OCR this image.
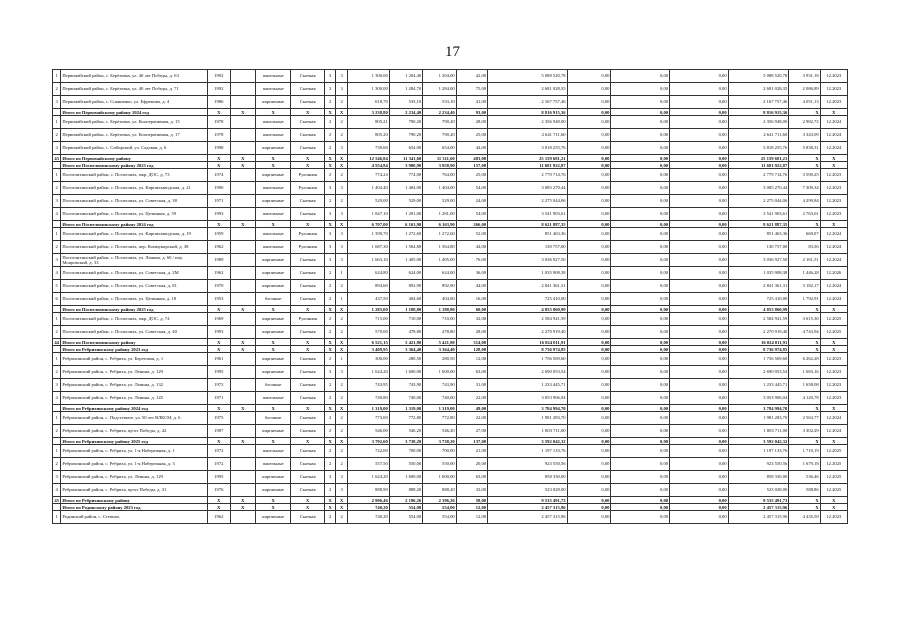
17
1	Первомайский район, с. Берёзовка, ул. 40 лет Победы, д. 63	1992		панельные	Скатная	3	3	1 300,00	1 204,40	1 204,00	42,00	5 088 520,78	0,00	0,00	0,00	5 088 520,78	3 931,18	12.2023
2	Первомайский район, с. Берёзовка, ул. 40 лет Победы, д. 71	1992		панельные	Скатная	3	3	1 300,00	1 284,70	1 284,00	75,00	2 681 028,35	0,00	0,00	0,00	2 681 028,35	2 086,89	12.2023
3	Первомайский район, с. Сокиненко, ул. Ефремова, д. 4	1986		кирпичные	Скатная	2	2	618,70	535,10	533,10	41,00	2 167 757,46	0,00	0,00	0,00	2 167 757,46	4 051,13	12.2023
	Итого по Первомайскому району 2024 год	X	X	X	X	X	X	3 238,80	2 234,40	2 234,40	93,00	8 816 915,36	0,00	0,00	0,00	8 816 915,36	X	X
1	Первомайский район, с. Берёзовка, ул. Кооперативная, д. 15	1978		панельные	Скатная	2	2	805,21	790,20	790,20	28,00	2 356 948,00	0,00	0,00	0,00	2 356 948,00	2 982,72	12.2024
2	Первомайский район, с. Берёзовка, ул. Кооперативная, д. 17	1978		панельные	Скатная	2	2	805,20	790,20	790,20	25,00	2 641 711,60	0,00	0,00	0,00	2 641 711,60	3 343,09	12.2024
3	Первомайский район, с. Сибирский, ул. Садовая, д. 6	1998		кирпичные	Скатная	2	3	739,60	654,00	654,00	44,00	3 818 255,76	0,00	0,00	0,00	3 818 255,76	5 838,31	12.2024
43	Итого по Первомайскому району	X	X	X	X	X	X	12 546,84	11 341,60	11 311,60	483,00	25 159 681,21	0,00	0,00	0,00	25 159 681,21	X	X
	Итого по Поспелихинскому району 2023 год	X	X	X	X	X	X	4 554,84	3 980,90	3 958,90	157,00	11 681 922,87	0,00	0,00	0,00	11 681 922,87	X	X
1	Поспелихинский район, с. Поспелиха, мкр. ДОС, д. 73	1974		кирпичные	Рулонная	2	2	774,24	774,00	764,00	25,00	2 779 714,76	0,00	0,00	0,00	2 779 714,76	3 590,25	12.2023
2	Поспелихинский район, с. Поспелиха, ул. Кирпичзаводская, д. 21	1990		панельные	Рулонная	3	3	1 404,40	1 404,00	1 404,00	54,00	3 085 270,44	0,00	0,00	0,00	3 085 270,44	7 309,34	12.2023
3	Поспелихинский район, с. Поспелиха, ул. Советская, д. 38	1971		кирпичные	Скатная	2	2	529,00	529,00	529,00	24,00	2 275 044,06	0,00	0,00	0,00	2 275 044,06	4 299,84	12.2023
4	Поспелихинский район, с. Поспелиха, ул. Целинная, д. 59	1993		панельные	Скатная	3	3	1 847,10	1 281,00	1 281,00	54,00	3 541 903,61	0,00	0,00	0,00	3 541 903,61	2 763,01	12.2023
	Итого по Поспелихинскому району 2024 год	X	X	X	X	X	X	6 707,00	6 163,90	6 163,90	266,00	8 621 887,35	0,00	0,00	0,00	8 621 887,35	X	X
1	Поспелихинский район, с. Поспелиха, ул. Кирпичзаводская, д. 19	1959		панельные	Рулонная	3	3	1 399,70	1 272,60	1 272,60	52,00	851 463,36	0,00	0,00	0,00	851 463,36	669,07	12.2024
2	Поспелихинский район, с. Поспелиха, пер. Коммунарский, д. 38	1962		панельные	Рулонная	3	3	1 687,30	1 564,80	1 564,80	44,00	130 757,00	0,00	0,00	0,00	130 757,00	83,56	12.2024
3	Поспелихинский район, с. Поспелиха, ул. Ленина, д. 60 / пер. Мопровский, д. 33	1989		кирпичные	Скатная	3	3	1 663,10	1 405,00	1 405,00	76,00	3 036 927,50	0,00	0,00	0,00	3 036 927,50	2 161,51	12.2024
4	Поспелихинский район, с. Поспелиха, ул. Советская, д. 2М	1962		кирпичные	Скатная	2	1	624,80	624,00	624,00	36,00	1 035 908,38	0,00	0,00	0,00	1 035 908,38	1 446,28	12.2026
5	Поспелихинский район, с. Поспелиха, ул. Советская, д. 81	1970		кирпичные	Скатная	2	2	894,60	892,90	892,90	44,00	2 841 361,31	0,00	0,00	0,00	2 841 361,31	3 182,17	12.2024
6	Поспелихинский район, с. Поспелиха, ул. Целинная, д. 18	1953		блочные	Скатная	2	1	437,50	404,60	404,60	16,00	725 410,00	0,00	0,00	0,00	725 410,00	1 792,91	12.2024
	Итого по Поспелихинскому району 2025 год	X	X	X	X	X	X	1 285,00	1 188,80	1 188,80	60,00	4 855 860,99	0,00	0,00	0,00	4 855 860,99	X	X
1	Поспелихинский район, с. Поспелиха, мкр. ДОС, д. 74	1969		кирпичные	Рулонная	2	2	715,00	710,00	710,00	32,00	2 584 941,59	0,00	0,00	0,00	2 584 941,59	3 615,30	12.2025
2	Поспелихинский район, с. Поспелиха, ул. Советская, д. 40	1993		кирпичные	Скатная	2	2	570,00	478,80	478,80	28,00	2 270 919,40	0,00	0,00	0,00	2 270 919,40	4 743,94	12.2025
44	Итого по Поспелихинскому району	X	X	X	X	X	X	6 521,15	5 421,80	5 421,80	314,00	16 024 011,91	0,00	0,00	0,00	16 024 011,91	X	X
	Итого по Ребрихинскому району 2023 год	X	X	X	X	X	X	3 409,95	3 364,40	3 364,40	128,00	8 736 974,85	0,00	0,00	0,00	8 736 974,85	X	X
1	Ребрихинский район, с. Ребриха, ул. Береговая, д. 1	1961		кирпичные	Скатная	2	1	300,00	280,50	280,50	12,00	1 756 569,60	0,00	0,00	0,00	1 756 569,60	6 262,28	12.2023
2	Ребрихинский район, с. Ребриха, ул. Ленина, д. 129	1995		кирпичные	Скатная	3	3	1 624,20	1 600,00	1 600,00	63,00	2 690 053,54	0,00	0,00	0,00	2 690 053,54	1 683,16	12.2023
3	Ребрихинский район, с. Ребриха, ул. Ленина, д. 132	1973		блочные	Скатная	2	2	743,95	743,90	743,90	31,00	1 233 445,71	0,00	0,00	0,00	1 233 445,71	1 658,08	12.2023
4	Ребрихинский район, с. Ребриха, ул. Ленина, д. 145	1971		панельные	Скатная	2	2	740,80	740,00	740,00	22,00	3 053 906,04	0,00	0,00	0,00	3 053 906,04	4 120,78	12.2023
	Итого по Ребрихинскому району 2024 год	X	X	X	X	X	X	1 319,00	1 319,00	1 319,00	49,00	3 784 994,70	0,00	0,00	0,00	3 784 994,70	X	X
1	Ребрихинский район, с. Подстепное, ул. 50 лет ВЛКСМ, д. 6	1975		блочные	Скатная	2	2	773,00	772,80	772,80	22,00	1 981 283,70	0,00	0,00	0,00	1 981 283,70	2 563,77	12.2024
2	Ребрихинский район, с. Ребриха, пр-кт Победы, д. 42	1987		кирпичные	Скатная	2	2	546,00	546,20	546,20	27,00	1 803 711,00	0,00	0,00	0,00	1 803 711,00	3 302,29	12.2024
	Итого по Ребрихинскому району 2025 год	X	X	X	X	X	X	3 792,60	3 738,20	3 738,20	137,00	3 592 042,32	0,00	0,00	0,00	3 592 042,32	X	X
1	Ребрихинский район, с. Ребриха, ул. 1-я Набережная, д. 1	1972		панельные	Скатная	2	2	722,00	700,00	700,00	21,00	1 197 133,76	0,00	0,00	0,00	1 197 133,76	1 710,19	12.2025
2	Ребрихинский район, с. Ребриха, ул. 1-я Набережная, д. 3	1972		панельные	Скатная	2	2	557,50	550,00	550,00	20,00	923 550,56	0,00	0,00	0,00	923 550,56	1 679,18	12.2025
3	Ребрихинский район, с. Ребриха, ул. Ленина, д. 129	1995		кирпичные	Скатная	3	3	1 624,20	1 600,00	1 600,00	63,00	858 330,00	0,00	0,00	0,00	858 330,00	536,46	12.2025
4	Ребрихинский район, с. Ребриха, пр-кт Победы, д. 31	1976		кирпичные	Скатная	2	3	888,90	888,20	888,20	33,00	523 028,00	0,00	0,00	0,00	523 028,00	588,86	12.2025
45	Итого по Ребрихинскому району	X	X	X	X	X	X	2 996,46	2 196,26	2 196,26	58,00	9 535 491,73	0,00	0,00	0,00	9 535 491,73	X	X
	Итого по Родинскому району 2023 год	X	X	X	X	X	X	740,20	554,00	554,00	12,00	2 457 315,96	0,00	0,00	0,00	2 457 315,96	X	X
1	Родинский район, с. Степное,	1962		кирпичные	Скатная	2	2	740,20	554,00	554,00	12,00	2 457 315,96	0,00	0,00	0,00	2 457 315,96	4 435,59	12.2023
